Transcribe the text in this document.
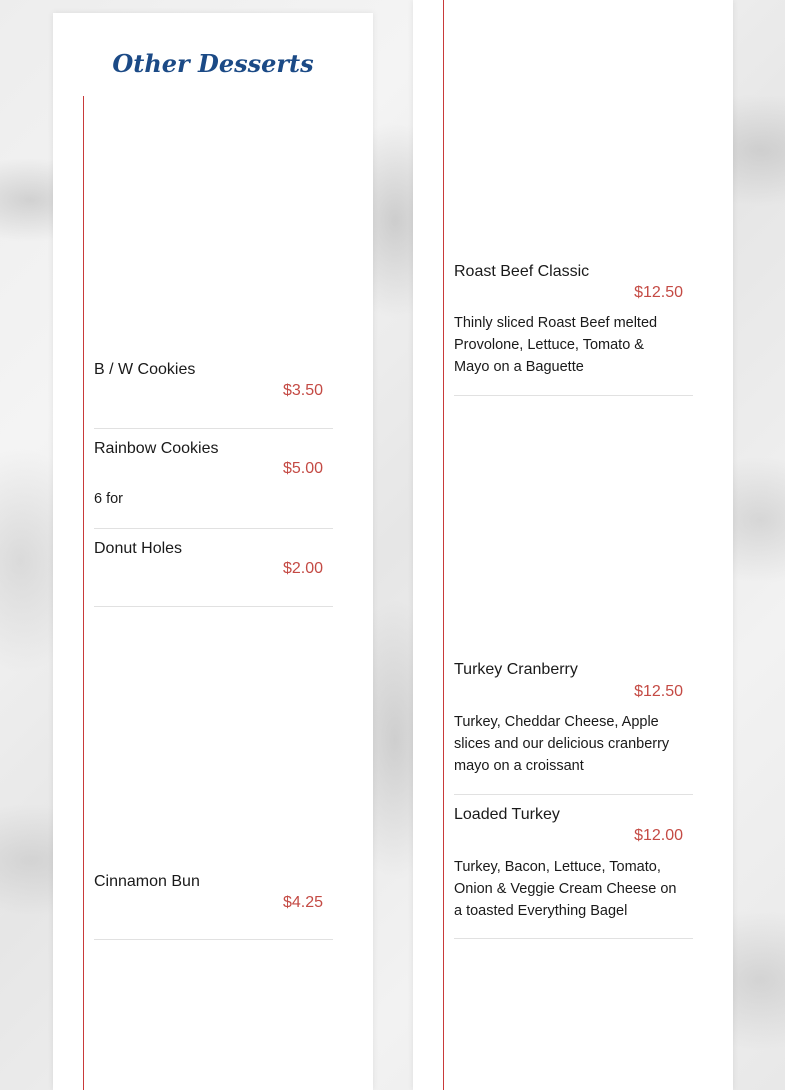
Other Desserts
B / W Cookies
$3.50
Rainbow Cookies
$5.00
6 for
Donut Holes
$2.00
Cinnamon Bun
$4.25
Roast Beef Classic
$12.50
Thinly sliced Roast Beef melted Provolone, Lettuce, Tomato & Mayo on a Baguette
Turkey Cranberry
$12.50
Turkey, Cheddar Cheese, Apple slices and our delicious cranberry mayo on a croissant
Loaded Turkey
$12.00
Turkey, Bacon, Lettuce, Tomato, Onion & Veggie Cream Cheese on a toasted Everything Bagel
